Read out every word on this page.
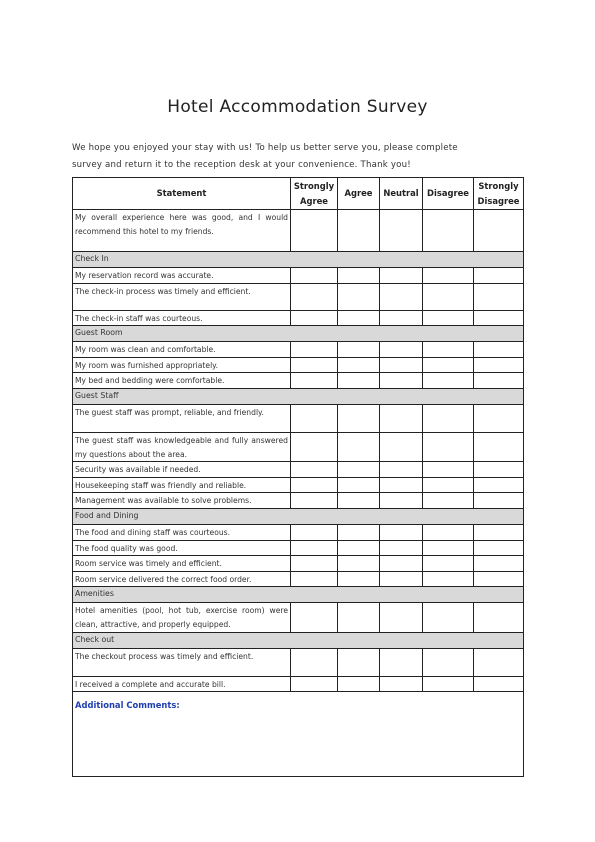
Hotel Accommodation Survey
We hope you enjoyed your stay with us! To help us better serve you, please complete
survey and return it to the reception desk at your convenience. Thank you!
Statement	Strongly Agree	Agree	Neutral	Disagree	Strongly Disagree
My overall experience here was good, and I would recommend this hotel to my friends.					
Check In					
My reservation record was accurate.					
The check-in process was timely and efficient.					
The check-in staff was courteous.					
Guest Room					
My room was clean and comfortable.					
My room was furnished appropriately.					
My bed and bedding were comfortable.					
Guest Staff					
The guest staff was prompt, reliable, and friendly.					
The guest staff was knowledgeable and fully answered my questions about the area.					
Security was available if needed.					
Housekeeping staff was friendly and reliable.					
Management was available to solve problems.					
Food and Dining					
The food and dining staff was courteous.					
The food quality was good.					
Room service was timely and efficient.					
Room service delivered the correct food order.					
Amenities					
Hotel amenities (pool, hot tub, exercise room) were clean, attractive, and properly equipped.					
Check out					
The checkout process was timely and efficient.					
I received a complete and accurate bill.					
Additional Comments:					
